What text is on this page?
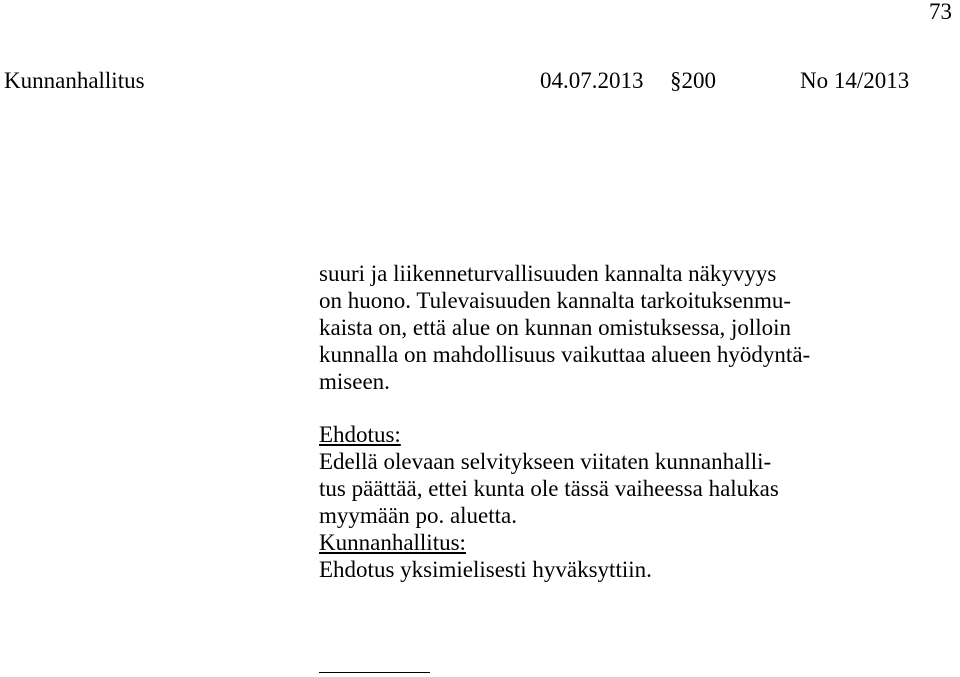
73
Kunnanhallitus	04.07.2013 §200	No 14/2013
suuri ja liikenneturvallisuuden kannalta näkyvyys
on huono. Tulevaisuuden kannalta tarkoituksenmu-
kaista on, että alue on kunnan omistuksessa, jolloin
kunnalla on mahdollisuus vaikuttaa alueen hyödyntä-
miseen.
Ehdotus:
Edellä olevaan selvitykseen viitaten kunnanhalli-
tus päättää, ettei kunta ole tässä vaiheessa halukas
myymään po. aluetta.
Kunnanhallitus:
Ehdotus yksimielisesti hyväksyttiin.
